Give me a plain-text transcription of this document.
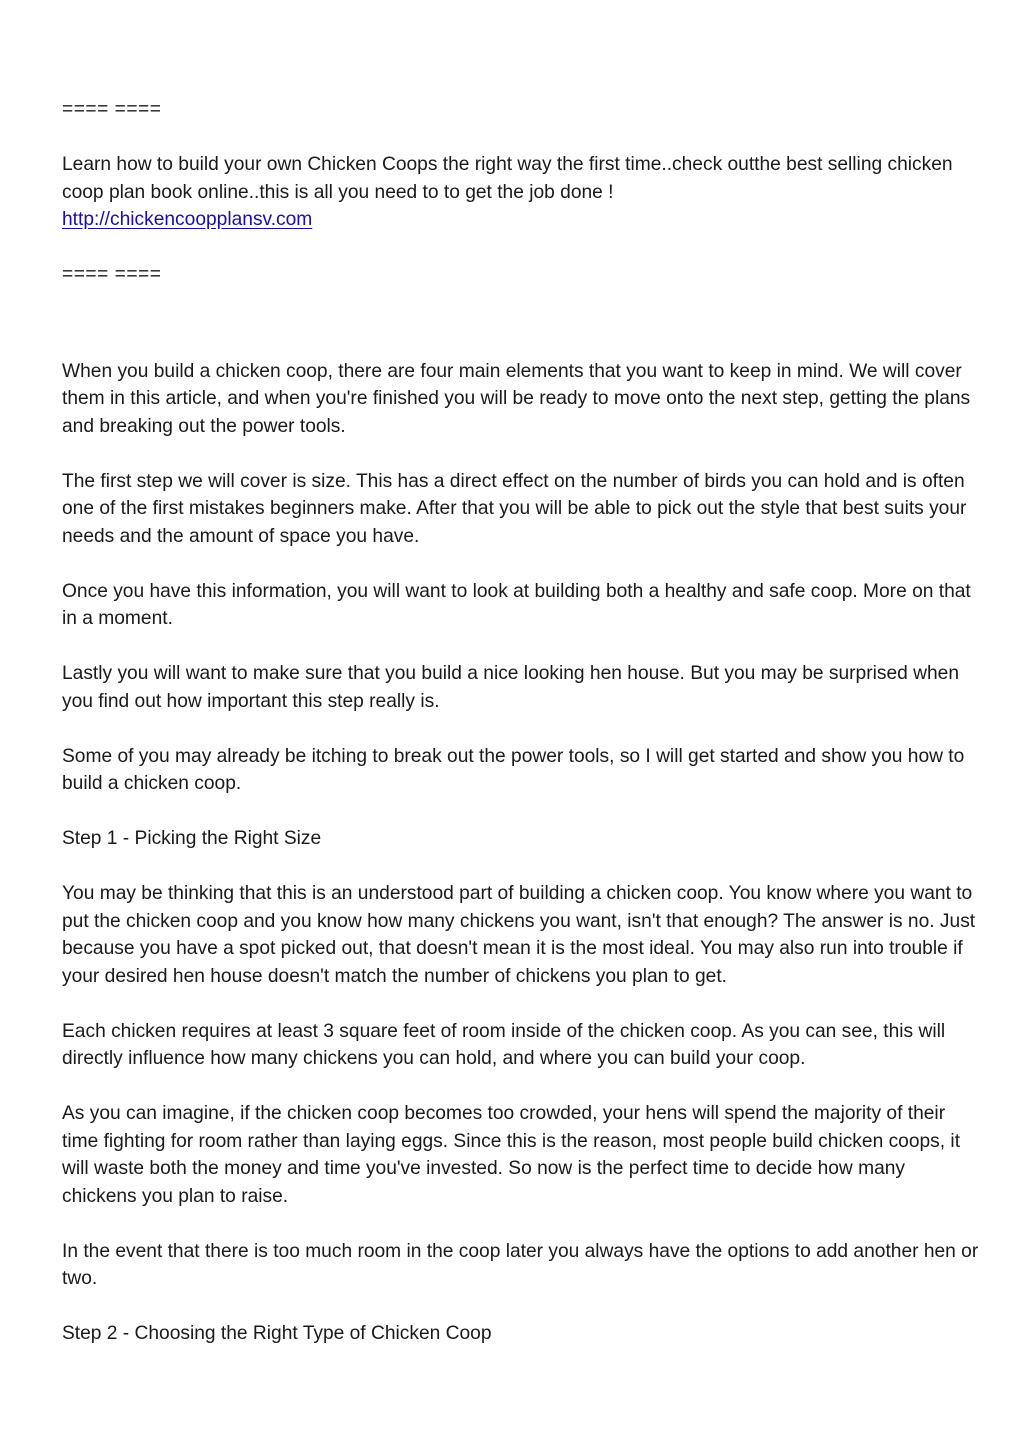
==== ====

Learn how to build your own Chicken Coops the right way the first time..check outthe best selling chicken coop plan book online..this is all you need to to get the job done !
http://chickencoopplansv.com

==== ====

When you build a chicken coop, there are four main elements that you want to keep in mind. We will cover them in this article, and when you're finished you will be ready to move onto the next step, getting the plans and breaking out the power tools.

The first step we will cover is size. This has a direct effect on the number of birds you can hold and is often one of the first mistakes beginners make. After that you will be able to pick out the style that best suits your needs and the amount of space you have.

Once you have this information, you will want to look at building both a healthy and safe coop. More on that in a moment.

Lastly you will want to make sure that you build a nice looking hen house. But you may be surprised when you find out how important this step really is.

Some of you may already be itching to break out the power tools, so I will get started and show you how to build a chicken coop.

Step 1 - Picking the Right Size

You may be thinking that this is an understood part of building a chicken coop. You know where you want to put the chicken coop and you know how many chickens you want, isn't that enough? The answer is no. Just because you have a spot picked out, that doesn't mean it is the most ideal. You may also run into trouble if your desired hen house doesn't match the number of chickens you plan to get.

Each chicken requires at least 3 square feet of room inside of the chicken coop. As you can see, this will directly influence how many chickens you can hold, and where you can build your coop.

As you can imagine, if the chicken coop becomes too crowded, your hens will spend the majority of their time fighting for room rather than laying eggs. Since this is the reason, most people build chicken coops, it will waste both the money and time you've invested. So now is the perfect time to decide how many chickens you plan to raise.

In the event that there is too much room in the coop later you always have the options to add another hen or two.

Step 2 - Choosing the Right Type of Chicken Coop
